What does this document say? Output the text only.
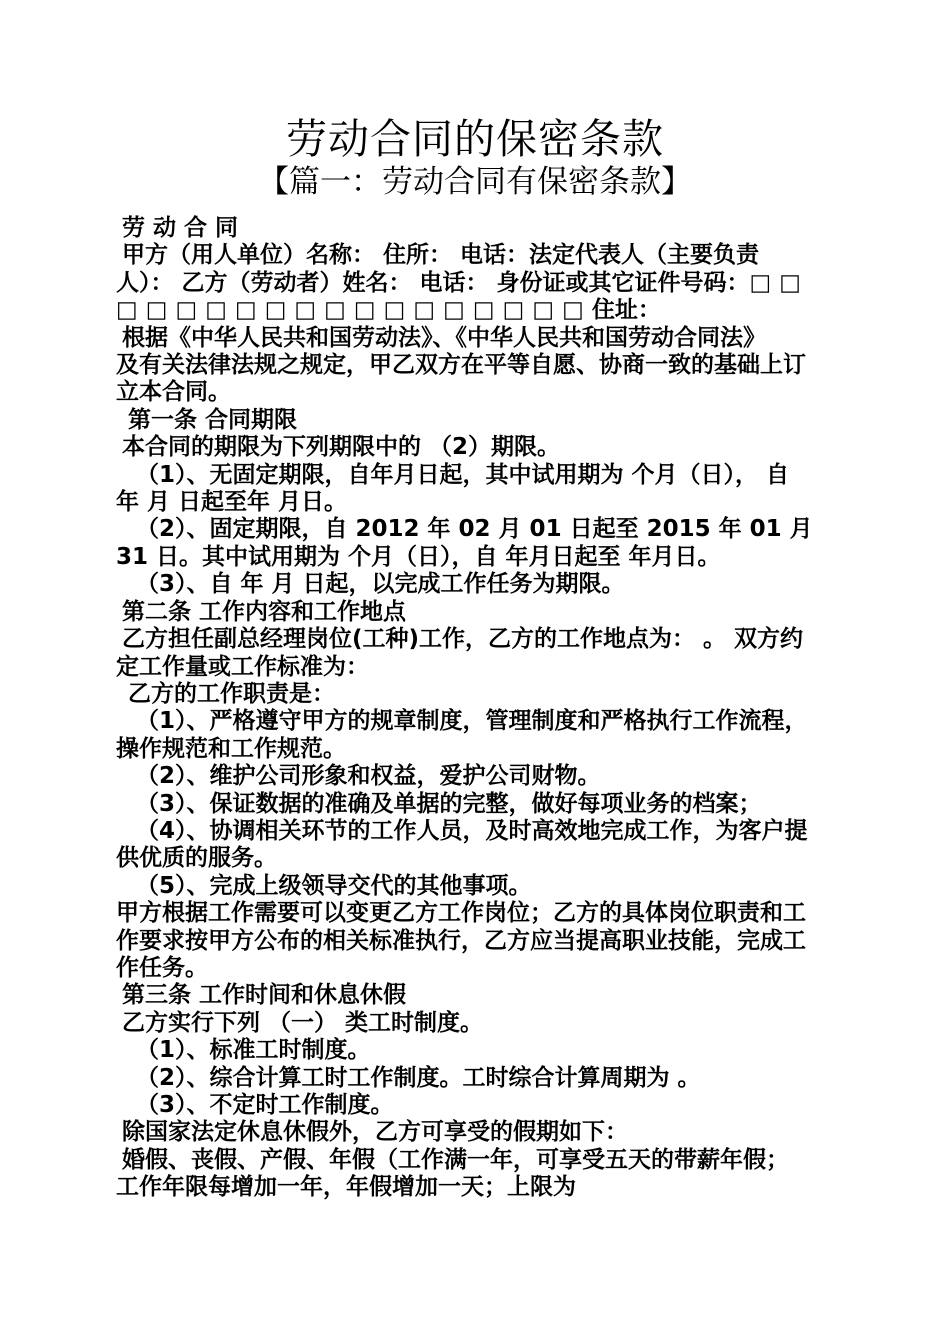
劳动合同的保密条款
【篇一：劳动合同有保密条款】

劳 动 合 同

甲方（用人单位）名称： 住所： 电话：法定代表人（主要负责

人）： 乙方（劳动者）姓名： 电话： 身份证或其它证件号码：□ □

□ □ □ □ □ □ □ □ □ □ □ □ □ □ □ □ 住址：

根据《中华人民共和国劳动法》、《中华人民共和国劳动合同法》

及有关法律法规之规定，甲乙双方在平等自愿、协商一致的基础上订

立本合同。

第一条 合同期限

本合同的期限为下列期限中的 （2）期限。

（1）、无固定期限，自年月日起，其中试用期为 个月（日）， 自

年 月 日起至年 月日。

（2）、固定期限，自 2012 年 02 月 01 日起至 2015 年 01 月

31 日。其中试用期为 个月（日），自 年月日起至 年月日。

（3）、自 年 月 日起，以完成工作任务为期限。

第二条 工作内容和工作地点

乙方担任副总经理岗位(工种)工作，乙方的工作地点为： 。 双方约

定工作量或工作标准为：

乙方的工作职责是：

（1）、严格遵守甲方的规章制度，管理制度和严格执行工作流程，

操作规范和工作规范。

（2）、维护公司形象和权益，爱护公司财物。

（3）、保证数据的准确及单据的完整，做好每项业务的档案；

（4）、协调相关环节的工作人员，及时高效地完成工作，为客户提

供优质的服务。

（5）、完成上级领导交代的其他事项。

甲方根据工作需要可以变更乙方工作岗位；乙方的具体岗位职责和工

作要求按甲方公布的相关标准执行，乙方应当提高职业技能，完成工

作任务。

第三条 工作时间和休息休假

乙方实行下列 （一） 类工时制度。

（1）、标准工时制度。

（2）、综合计算工时工作制度。工时综合计算周期为 。

（3）、不定时工作制度。

除国家法定休息休假外，乙方可享受的假期如下：

婚假、丧假、产假、年假（工作满一年，可享受五天的带薪年假；

工作年限每增加一年，年假增加一天；上限为
